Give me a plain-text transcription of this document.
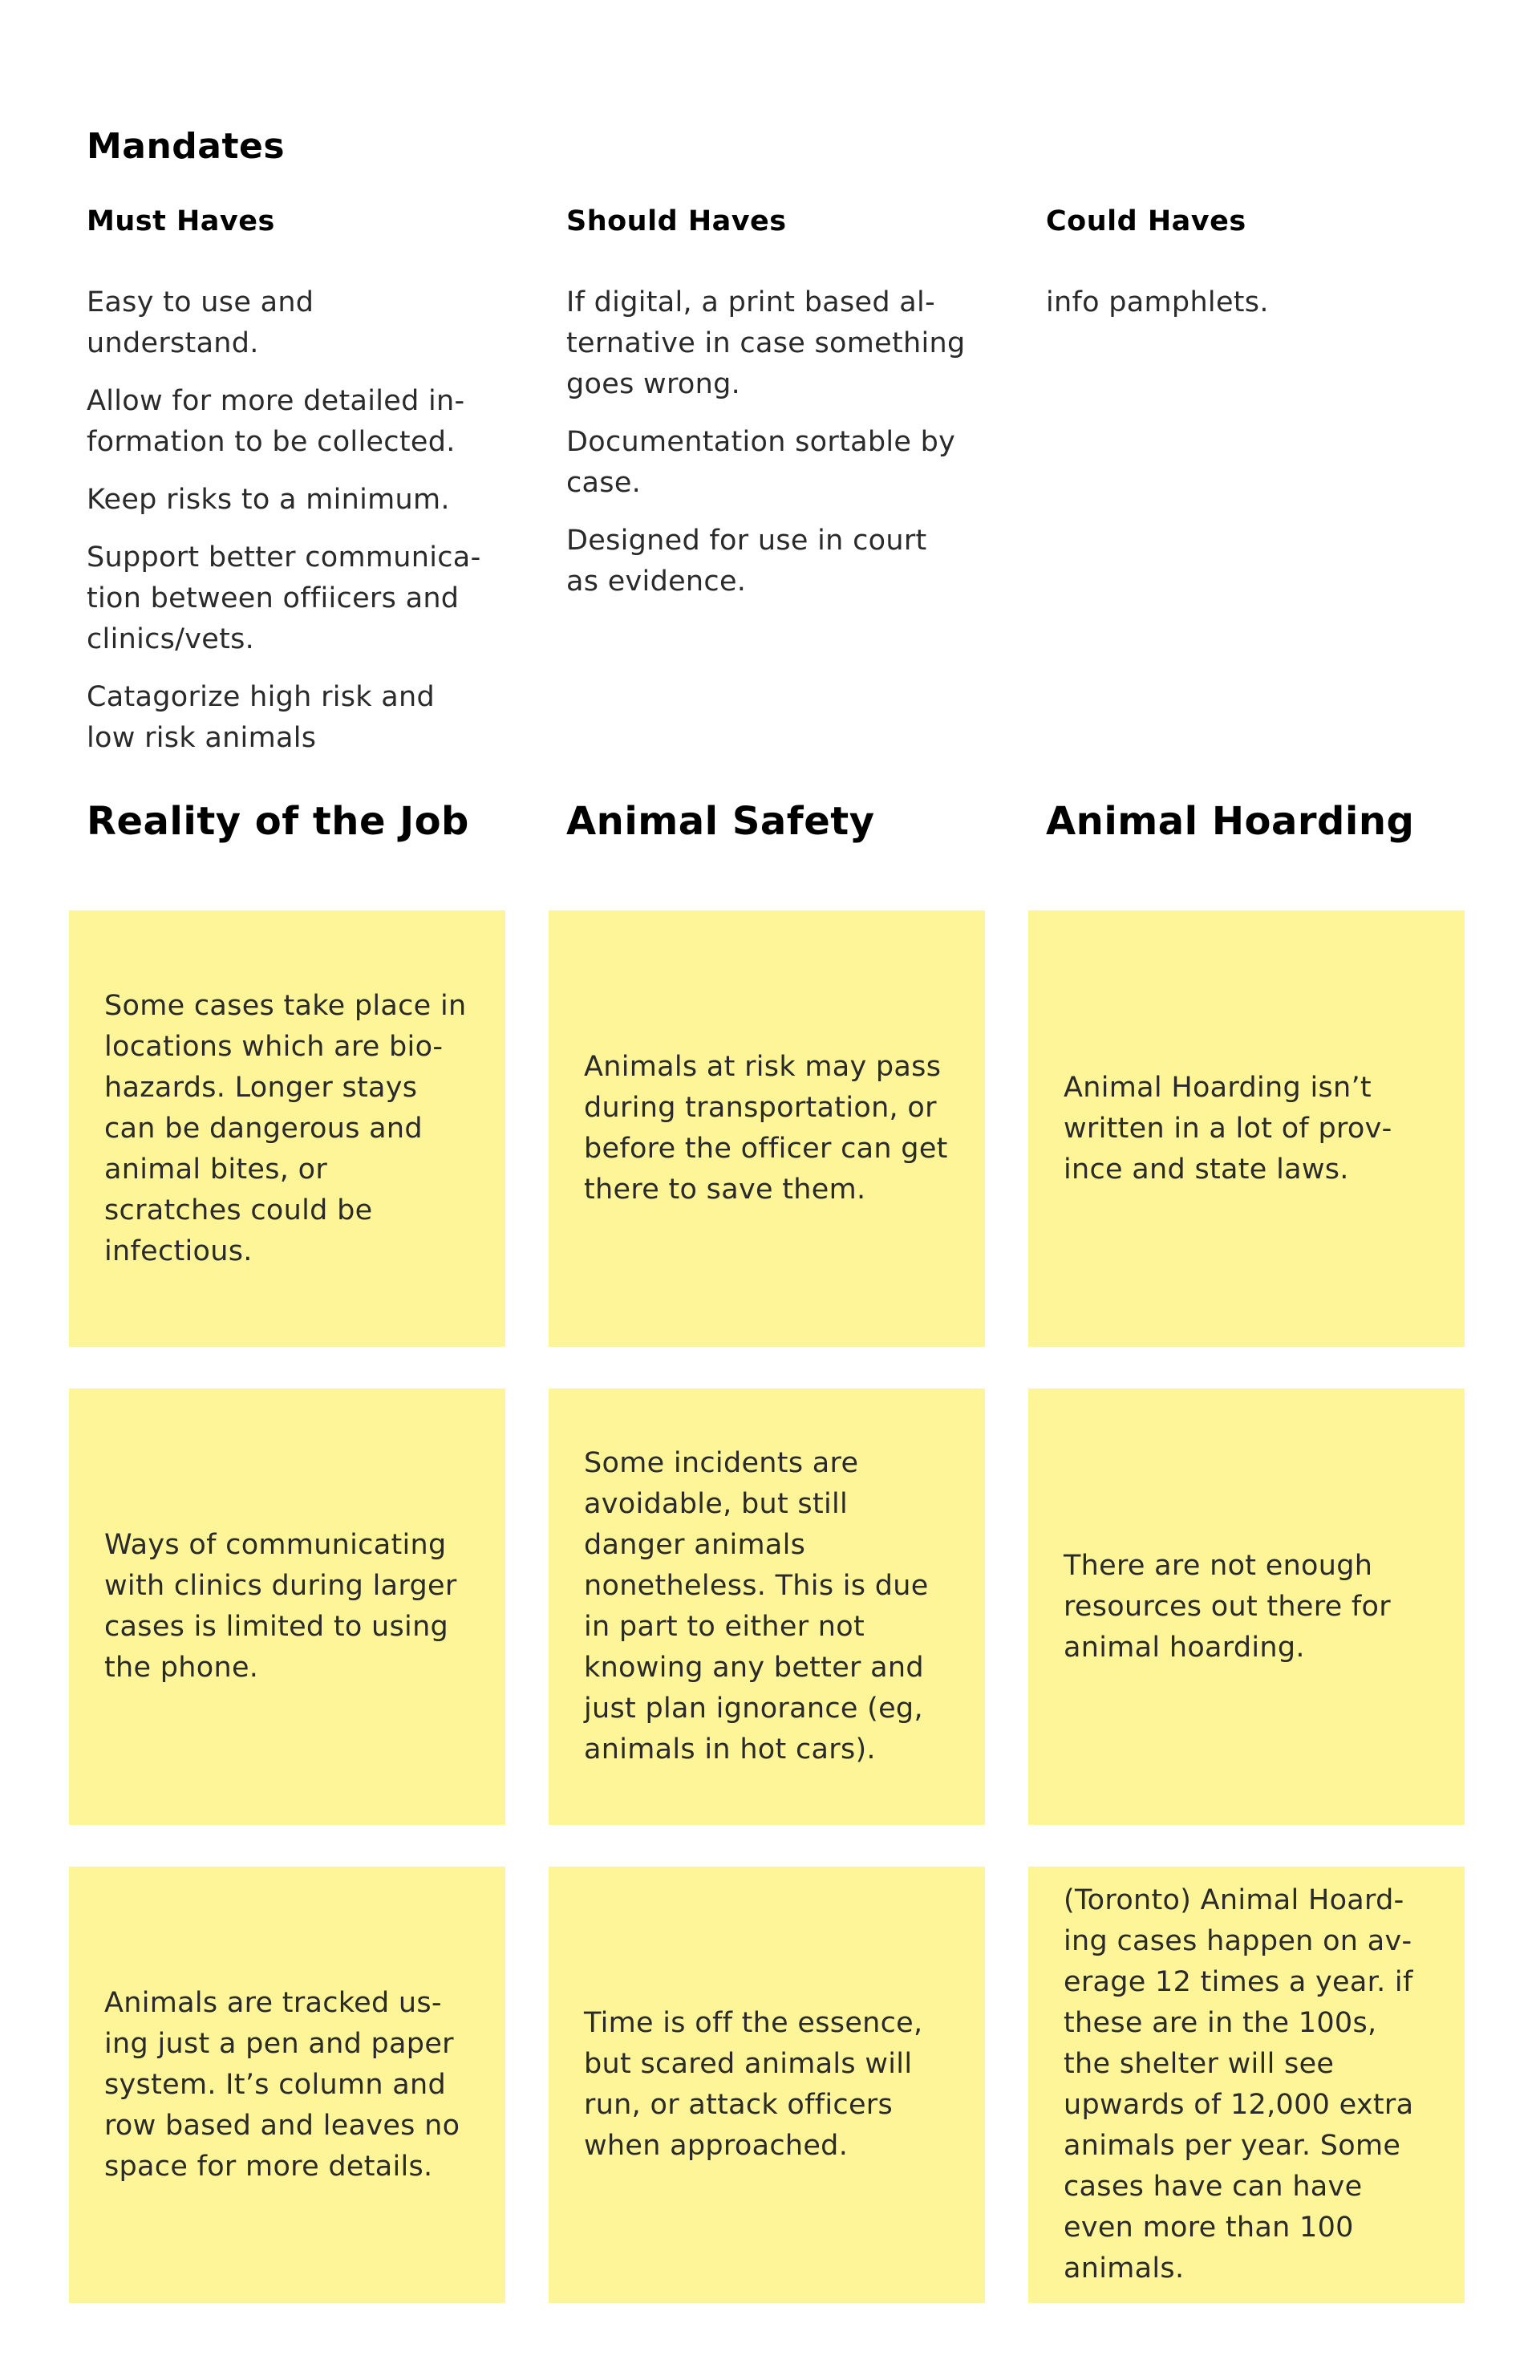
Mandates
Must Haves

Easy to use and understand.

Allow for more detailed information to be collected.

Keep risks to a minimum.

Support better communication between offiicers and clinics/vets.

Catagorize high risk and low risk animals

Should Haves

If digital, a print based alternative in case something goes wrong.

Documentation sortable by case.

Designed for use in court as evidence.

Could Haves

info pamphlets.

Reality of the Job	Animal Safety	Animal Hoarding

Some cases take place in locations which are biohazards. Longer stays can be dangerous and animal bites, or scratches could be infectious.

Animals at risk may pass during transportation, or before the officer can get there to save them.

Animal Hoarding isn’t written in a lot of province and state laws.

Ways of communicating with clinics during larger cases is limited to using the phone.

Some incidents are avoidable, but still danger animals nonetheless. This is due in part to either not knowing any better and just plan ignorance (eg, animals in hot cars).

There are not enough resources out there for animal hoarding.

Animals are tracked using just a pen and paper system. It’s column and row based and leaves no space for more details.

Time is off the essence, but scared animals will run, or attack officers when approached.

(Toronto) Animal Hoarding cases happen on average 12 times a year. if these are in the 100s, the shelter will see upwards of 12,000 extra animals per year. Some cases have can have even more than 100 animals.
